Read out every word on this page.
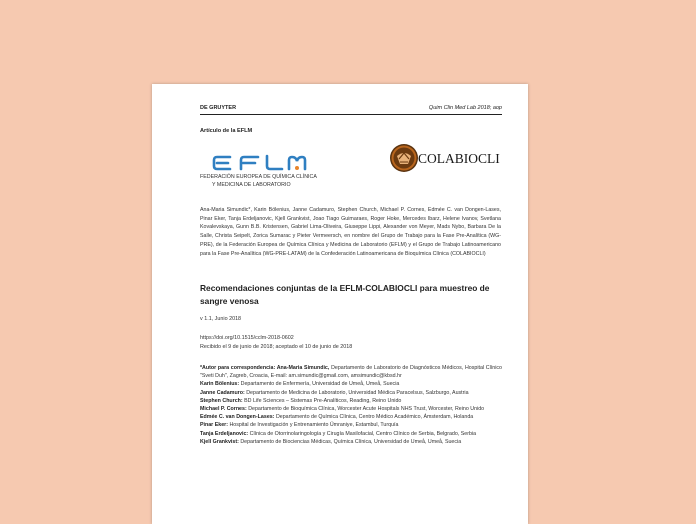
DE GRUYTER	Quim Clin Med Lab 2018; aop
Artículo de la EFLM
FEDERACIÓN EUROPEA DE QUÍMICA CLÍNICA
Y MEDICINA DE LABORATORIO
COLABIOCLI
Ana-Maria Simundic*, Karin Bölenius, Janne Cadamuro, Stephen Church, Michael P. Cornes, Edmée C. van Dongen-Lases, Pinar Eker, Tanja Erdeljanovic, Kjell Grankvist, Joao Tiago Guimaraes, Roger Hoke, Mercedes Ibarz, Helene Ivanov, Svetlana Kovalevskaya, Gunn B.B. Kristensen, Gabriel Lima-Oliveira, Giuseppe Lippi, Alexander von Meyer, Mads Nybo, Barbara De la Salle, Christa Seipelt, Zorica Sumarac y Pieter Vermeersch, en nombre del Grupo de Trabajo para la Fase Pre-Analítica (WG-PRE), de la Federación Europea de Química Clínica y Medicina de Laboratorio (EFLM) y el Grupo de Trabajo Latinoamericano para la Fase Pre-Analítica (WG-PRE-LATAM) de la Confederación Latinoamericana de Bioquímica Clínica (COLABIOCLI)
Recomendaciones conjuntas de la EFLM-COLABIOCLI para muestreo de sangre venosa
v 1.1, Junio 2018
https://doi.org/10.1515/cclm-2018-0602
Recibido el 9 de junio de 2018; aceptado el 10 de junio de 2018

*Autor para correspondencia: Ana-Maria Simundic, Departamento de Laboratorio de Diagnósticos Médicos, Hospital Clínico "Sveti Duh", Zagreb, Croacia, E-mail: am.simundic@gmail.com, amsimundic@kbsd.hr

Karin Bölenius: Departamento de Enfermería, Universidad de Umeå, Umeå, Suecia

Janne Cadamuro: Departamento de Medicina de Laboratorio, Universidad Médica Paracelsus, Salzburgo, Austria

Stephen Church: BD Life Sciences – Sistemas Pre-Analíticos, Reading, Reino Unido

Michael P. Cornes: Departamento de Bioquímica Clínica, Worcester Acute Hospitals NHS Trust, Worcester, Reino Unido

Edmée C. van Dongen-Lases: Departamento de Química Clínica, Centro Médico Académico, Ámsterdam, Holanda

Pinar Eker: Hospital de Investigación y Entrenamiento Ümraniye, Estambul, Turquía

Tanja Erdeljanovic: Clínica de Otorrinolaringología y Cirugía Maxilofacial, Centro Clínico de Serbia, Belgrado, Serbia

Kjell Grankvist: Departamento de Biociencias Médicas, Química Clínica, Universidad de Umeå, Umeå, Suecia
